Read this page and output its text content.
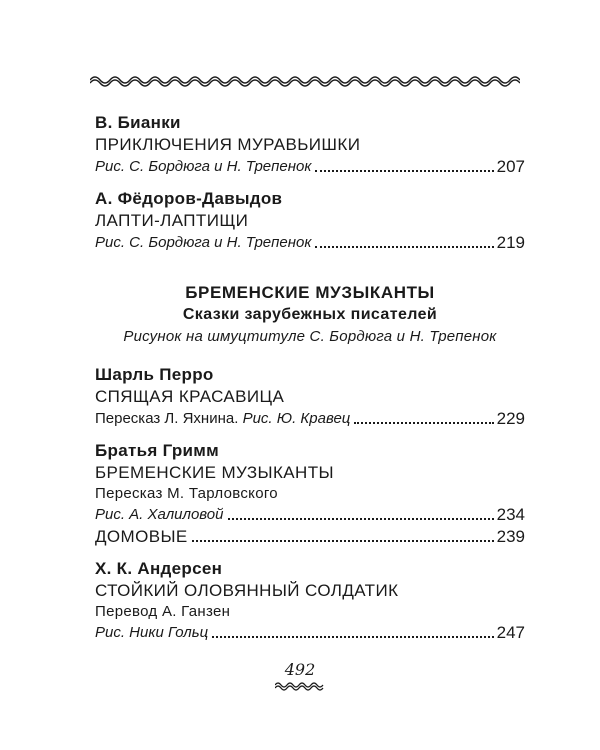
В. Бианки
ПРИКЛЮЧЕНИЯ МУРАВЬИШКИ
Рис. С. Бордюга и Н. Трепенок	207
А. Фёдоров-Давыдов
ЛАПТИ-ЛАПТИЩИ
Рис. С. Бордюга и Н. Трепенок	219
БРЕМЕНСКИЕ МУЗЫКАНТЫ
Сказки зарубежных писателей
Рисунок на шмуцтитуле С. Бордюга и Н. Трепенок
Шарль Перро
СПЯЩАЯ КРАСАВИЦА
Пересказ Л. Яхнина.
Рис. Ю. Кравец	229
Братья Гримм
БРЕМЕНСКИЕ МУЗЫКАНТЫ
Пересказ М. Тарловского
Рис. А. Халиловой	234
ДОМОВЫЕ	239
Х. К. Андерсен
СТОЙКИЙ ОЛОВЯННЫЙ СОЛДАТИК
Перевод А. Ганзен
Рис. Ники Гольц	247
492
